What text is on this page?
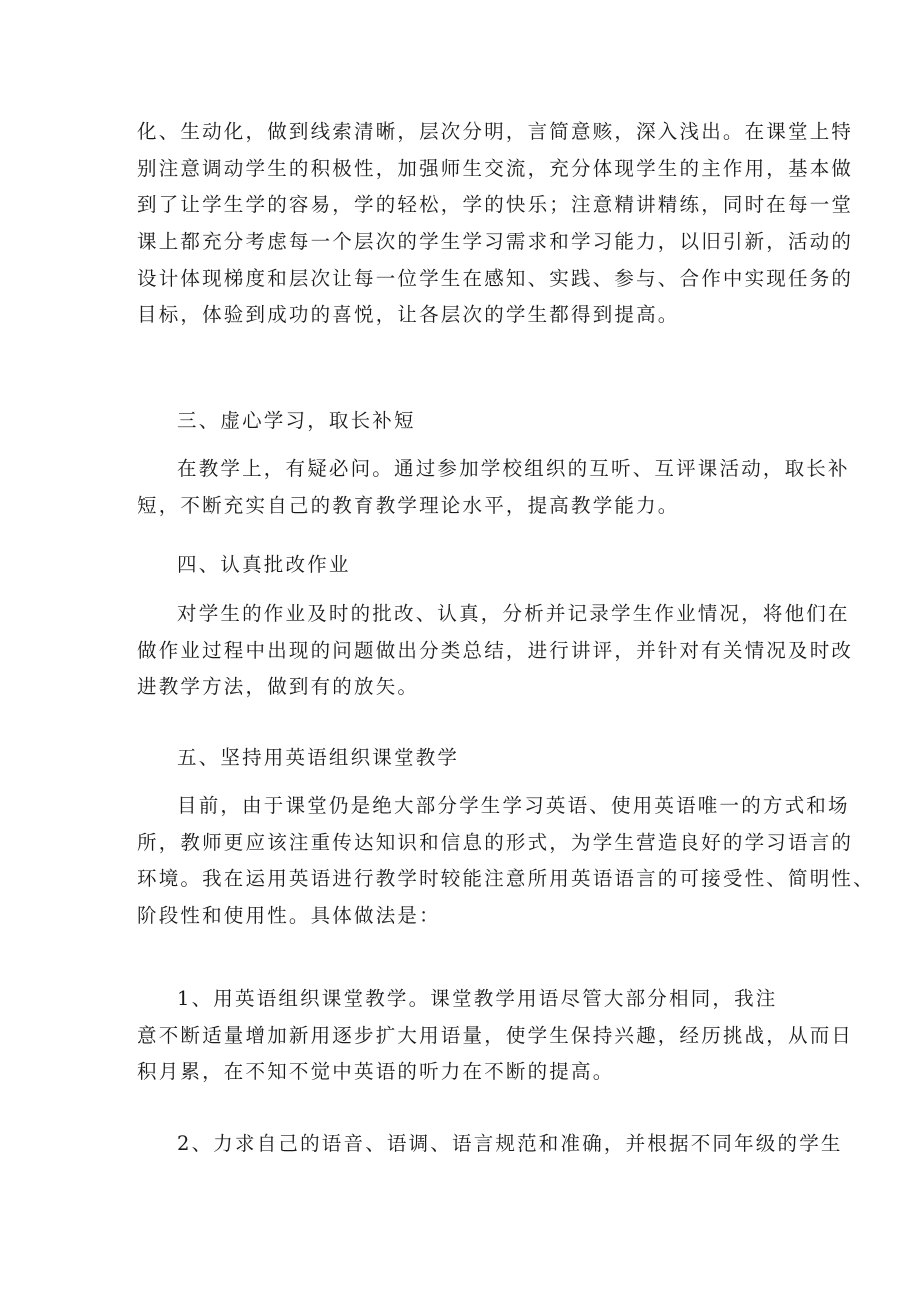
化、生动化，做到线索清晰，层次分明，言简意赅，深入浅出。在课堂上特
别注意调动学生的积极性，加强师生交流，充分体现学生的主作用，基本做
到了让学生学的容易，学的轻松，学的快乐；注意精讲精练，同时在每一堂
课上都充分考虑每一个层次的学生学习需求和学习能力，以旧引新，活动的
设计体现梯度和层次让每一位学生在感知、实践、参与、合作中实现任务的
目标，体验到成功的喜悦，让各层次的学生都得到提高。
三、虚心学习，取长补短
在教学上，有疑必问。通过参加学校组织的互听、互评课活动，取长补
短，不断充实自己的教育教学理论水平，提高教学能力。
四、认真批改作业
对学生的作业及时的批改、认真，分析并记录学生作业情况，将他们在
做作业过程中出现的问题做出分类总结，进行讲评，并针对有关情况及时改
进教学方法，做到有的放矢。
五、坚持用英语组织课堂教学
目前，由于课堂仍是绝大部分学生学习英语、使用英语唯一的方式和场
所，教师更应该注重传达知识和信息的形式，为学生营造良好的学习语言的
环境。我在运用英语进行教学时较能注意所用英语语言的可接受性、简明性、
阶段性和使用性。具体做法是：
1、用英语组织课堂教学。课堂教学用语尽管大部分相同，我注
意不断适量增加新用逐步扩大用语量，使学生保持兴趣，经历挑战，从而日
积月累，在不知不觉中英语的听力在不断的提高。
2、力求自己的语音、语调、语言规范和准确，并根据不同年级的学生
